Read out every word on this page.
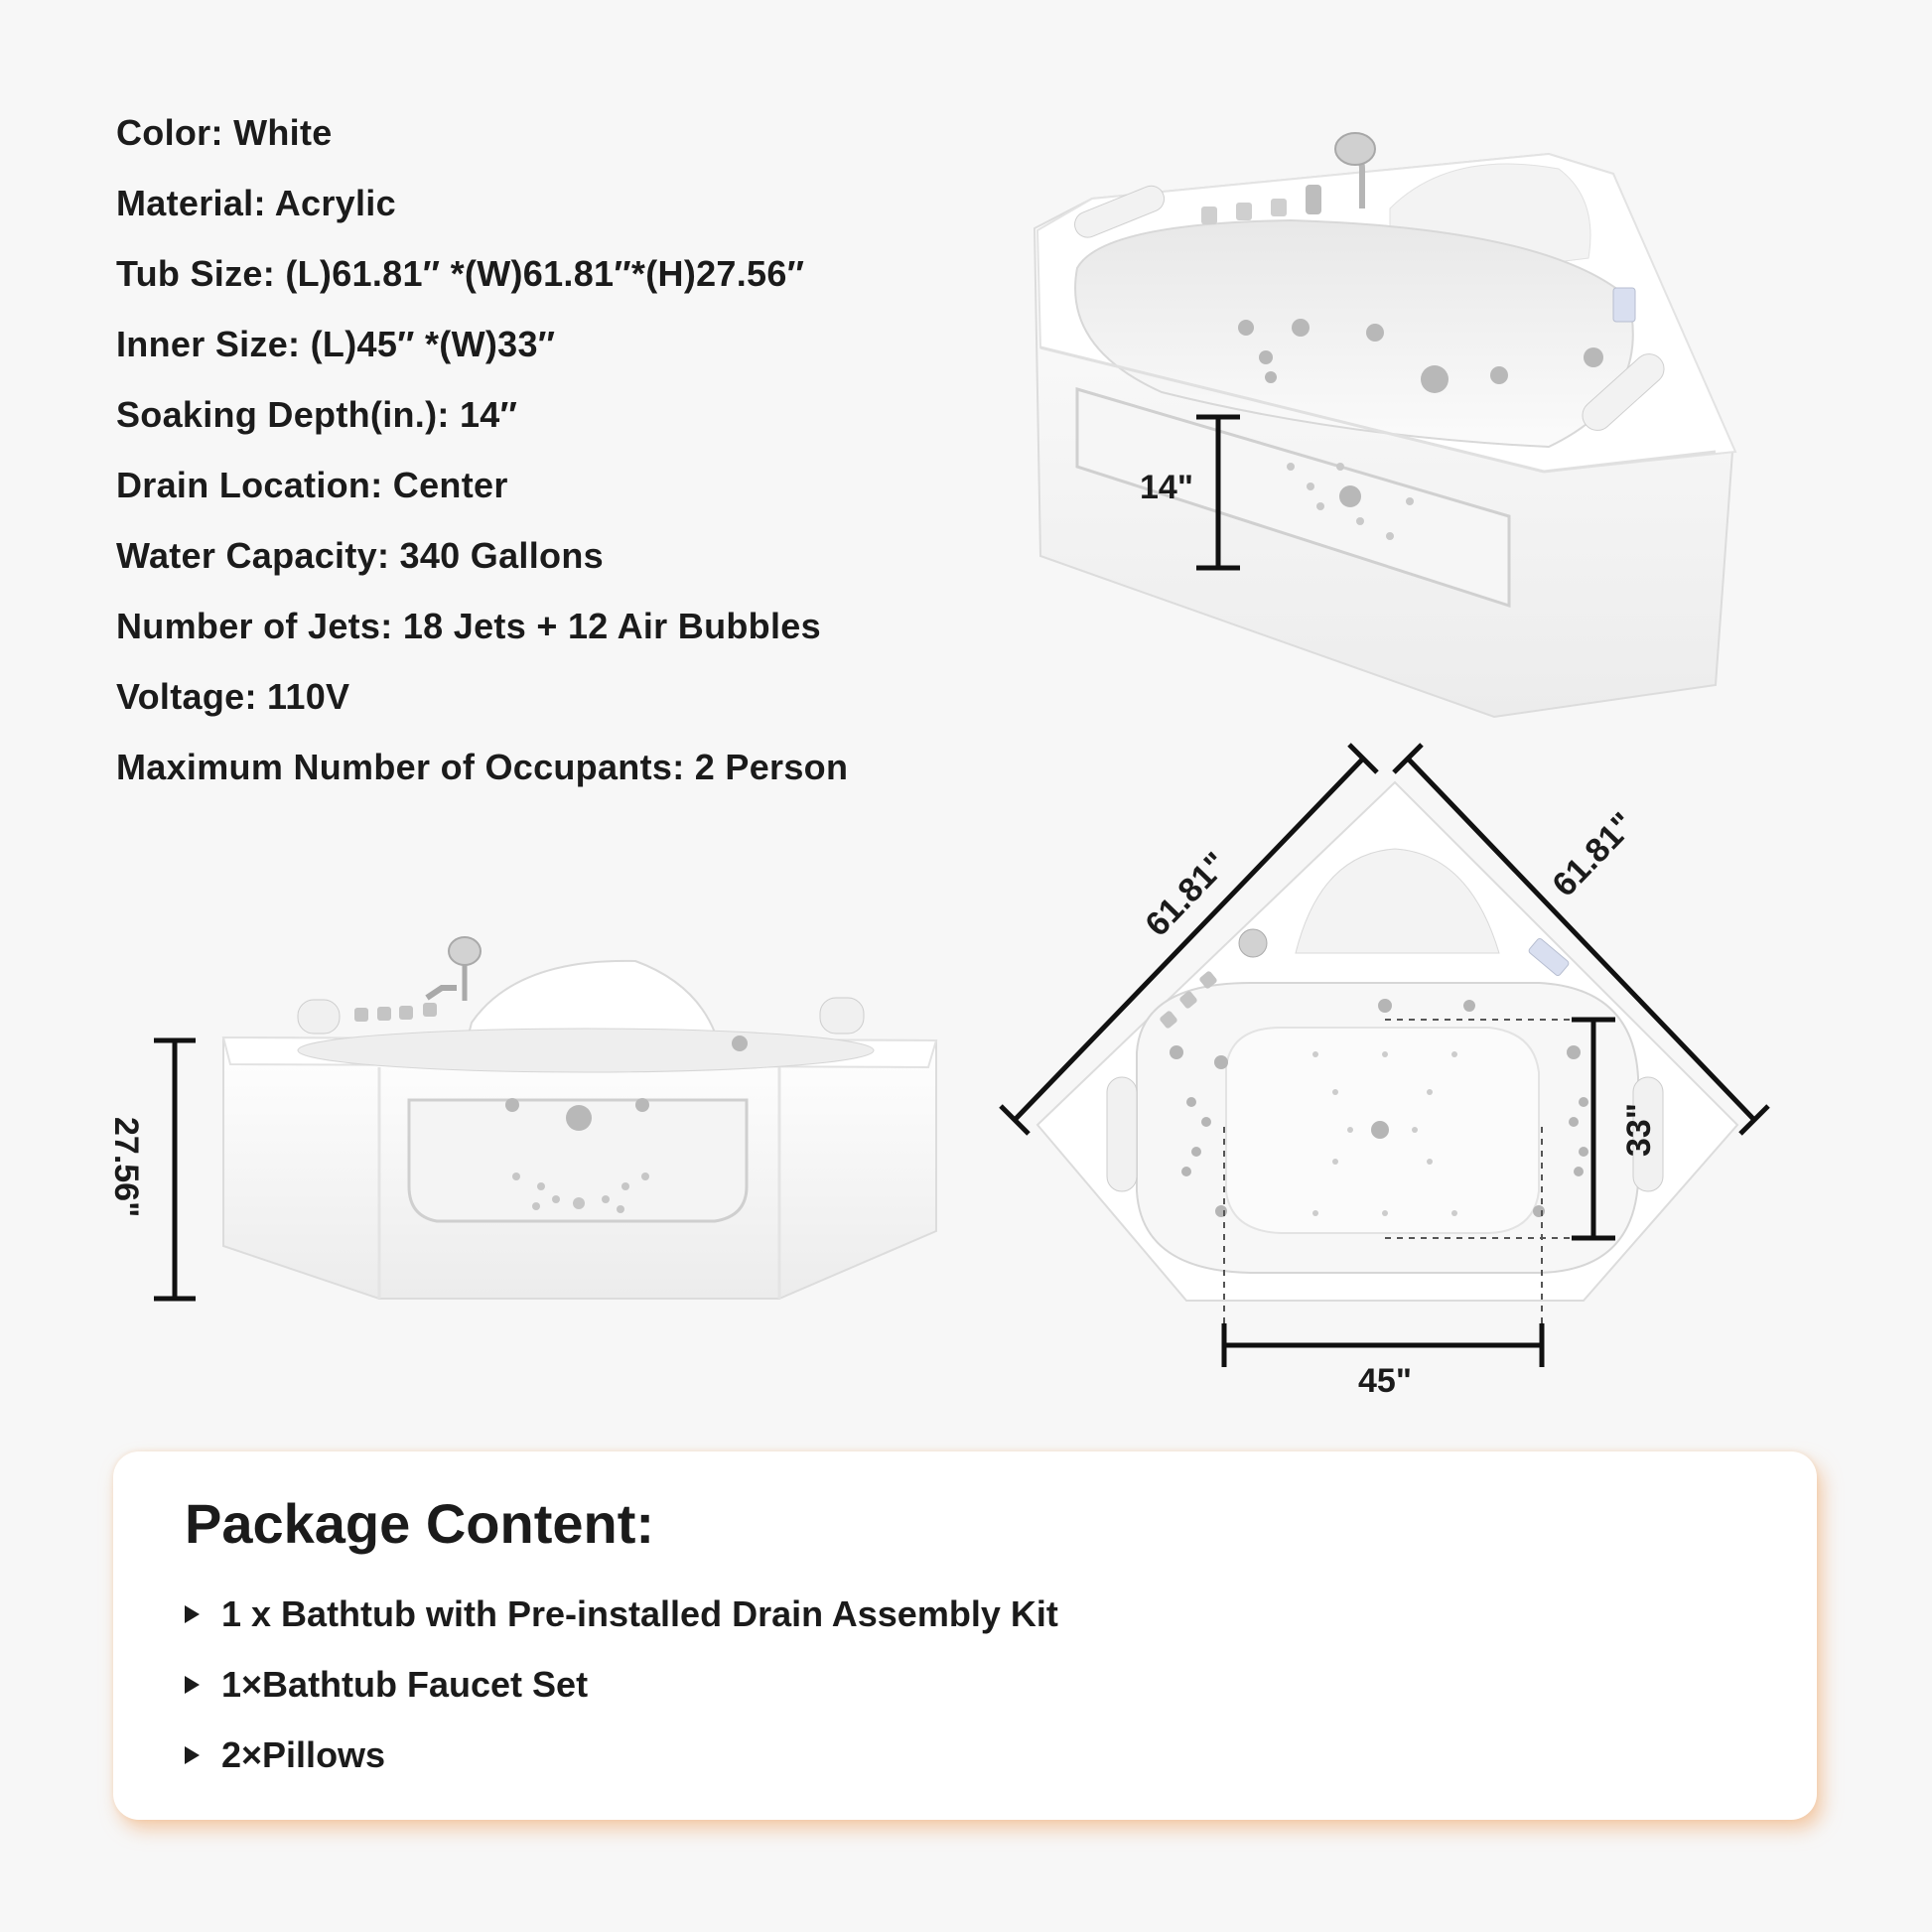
Color: White
Material: Acrylic
Tub Size: (L)61.81″ *(W)61.81″*(H)27.56″
Inner Size: (L)45″ *(W)33″
Soaking Depth(in.): 14″
Drain Location: Center
Water Capacity: 340 Gallons
Number of Jets: 18 Jets + 12 Air Bubbles
Voltage: 110V
Maximum Number of Occupants: 2 Person
14"
27.56"
61.81"	61.81"
33"
45"
Package Content:
1 x Bathtub with Pre-installed Drain Assembly Kit
1×Bathtub Faucet Set
2×Pillows
